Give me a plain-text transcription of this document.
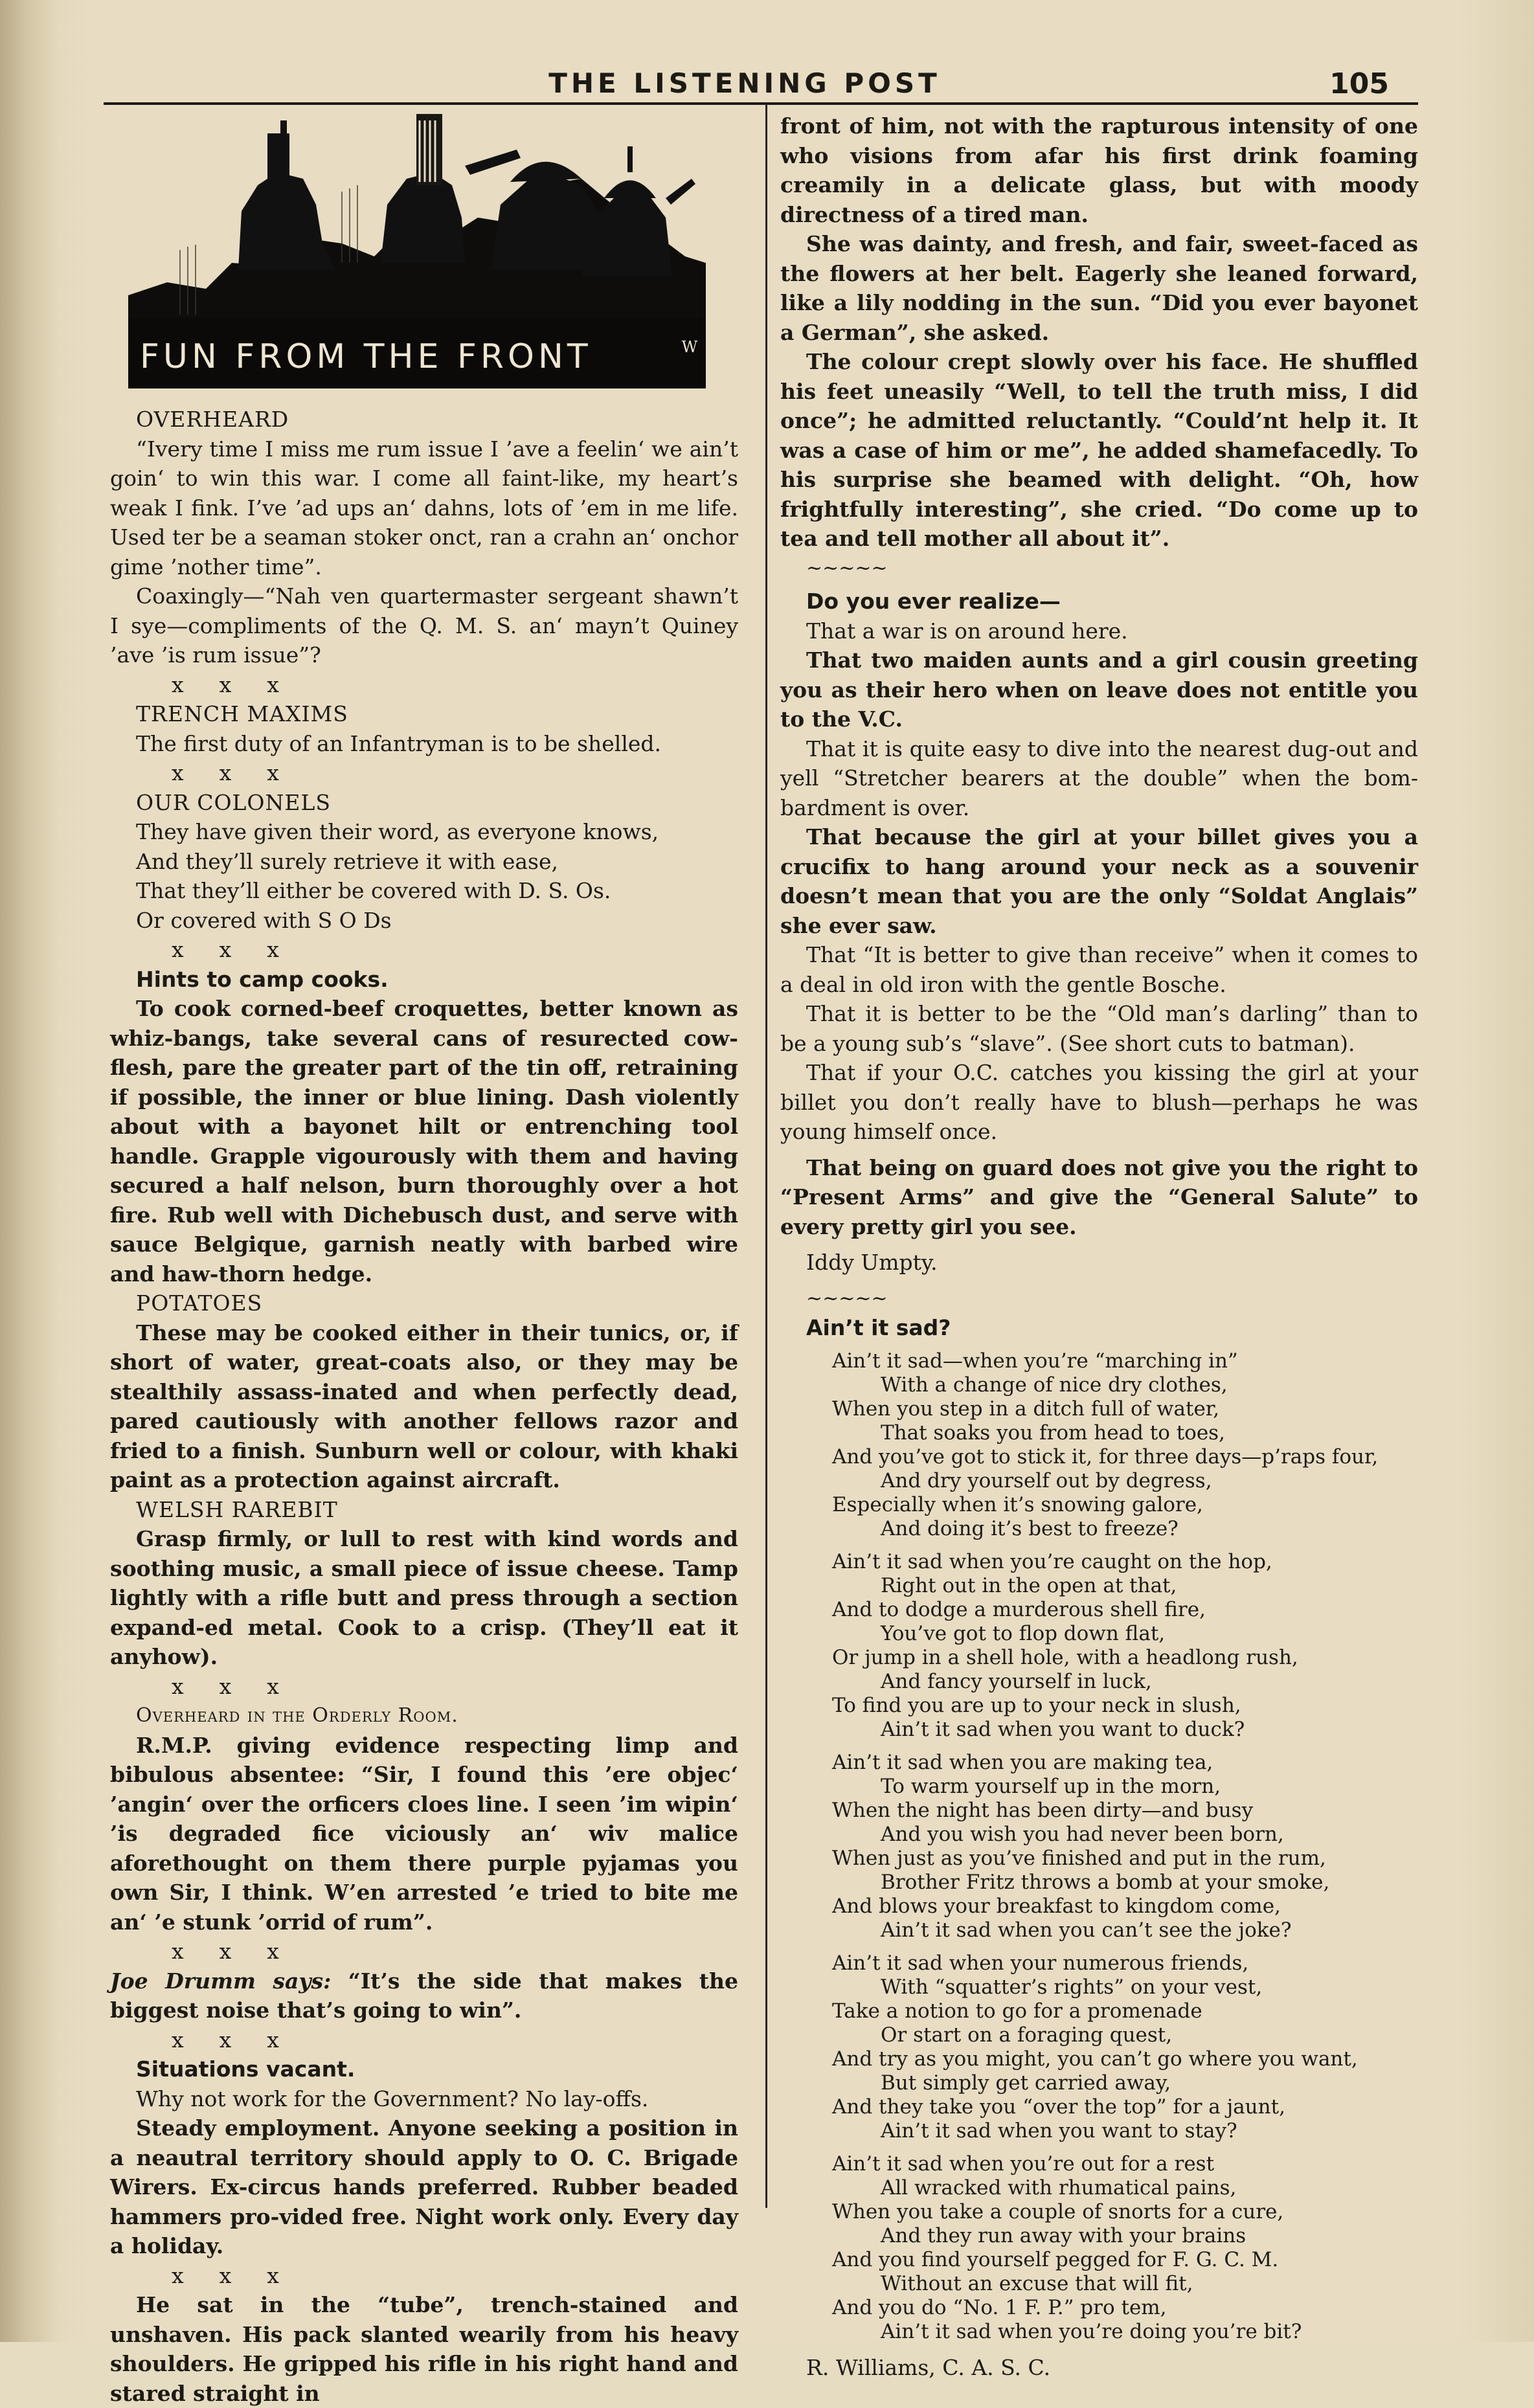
THE LISTENING POST	105
FUN FROM THE FRONT	W

OVERHEARD

“Ivery time I miss me rum issue I ’ave a feelin‘ we ain’t goin‘ to win this war. I come all faint-like, my heart’s weak I fink. I’ve ’ad ups an‘ dahns, lots of ’em in me life. Used ter be a seaman stoker onct, ran a crahn an‘ onchor gime ’nother time”.

Coaxingly—“Nah ven quartermaster sergeant shawn’t I sye—compliments of the Q. M. S. an‘ mayn’t Quiney ’ave ’is rum issue”?

xxx

TRENCH MAXIMS

The first duty of an Infantryman is to be shelled.

xxx

OUR COLONELS

They have given their word, as everyone knows,
And they’ll surely retrieve it with ease,
That they’ll either be covered with D. S. Os.
Or covered with S O Ds

xxx

Hints to camp cooks.

To cook corned-beef croquettes, better known as whiz-bangs, take several cans of resurected cow-flesh, pare the greater part of the tin off, retraining if possible, the inner or blue lining. Dash violently about with a bayonet hilt or entrenching tool handle. Grapple vigourously with them and having secured a half nelson, burn thoroughly over a hot fire. Rub well with Dichebusch dust, and serve with sauce Belgique, garnish neatly with barbed wire and haw-thorn hedge.

POTATOES

These may be cooked either in their tunics, or, if short of water, great-coats also, or they may be stealthily assass-inated and when perfectly dead, pared cautiously with another fellows razor and fried to a finish. Sunburn well or colour, with khaki paint as a protection against aircraft.

WELSH RAREBIT

Grasp firmly, or lull to rest with kind words and soothing music, a small piece of issue cheese. Tamp lightly with a rifle butt and press through a section expand-ed metal. Cook to a crisp. (They’ll eat it anyhow).

xxx

Overheard in the Orderly Room.

R.M.P. giving evidence respecting limp and bibulous absentee: “Sir, I found this ’ere objec‘ ’angin‘ over the orficers cloes line. I seen ’im wipin‘ ’is degraded fice viciously an‘ wiv malice aforethought on them there purple pyjamas you own Sir, I think. W’en arrested ’e tried to bite me an‘ ’e stunk ’orrid of rum”.

xxx

Joe Drumm says: “It’s the side that makes the biggest noise that’s going to win”.

xxx

Situations vacant.

Why not work for the Government? No lay-offs.

Steady employment. Anyone seeking a position in a neautral territory should apply to O. C. Brigade Wirers. Ex-circus hands preferred. Rubber beaded hammers pro-vided free. Night work only. Every day a holiday.

xxx

He sat in the “tube”, trench-stained and unshaven. His pack slanted wearily from his heavy shoulders. He gripped his rifle in his right hand and stared straight in

front of him, not with the rapturous intensity of one who visions from afar his first drink foaming creamily in a delicate glass, but with moody directness of a tired man.

She was dainty, and fresh, and fair, sweet-faced as the flowers at her belt. Eagerly she leaned forward, like a lily nodding in the sun. “Did you ever bayonet a German”, she asked.

The colour crept slowly over his face. He shuffled his feet uneasily “Well, to tell the truth miss, I did once”; he admitted reluctantly. “Could’nt help it. It was a case of him or me”, he added shamefacedly. To his surprise she beamed with delight. “Oh, how frightfully interesting”, she cried. “Do come up to tea and tell mother all about it”.

~~~~~

Do you ever realize—

That a war is on around here.

That two maiden aunts and a girl cousin greeting you as their hero when on leave does not entitle you to the V.C.

That it is quite easy to dive into the nearest dug-out and yell “Stretcher bearers at the double” when the bom-bardment is over.

That because the girl at your billet gives you a crucifix to hang around your neck as a souvenir doesn’t mean that you are the only “Soldat Anglais” she ever saw.

That “It is better to give than receive” when it comes to a deal in old iron with the gentle Bosche.

That it is better to be the “Old man’s darling” than to be a young sub’s “slave”. (See short cuts to batman).

That if your O.C. catches you kissing the girl at your billet you don’t really have to blush—perhaps he was young himself once.

That being on guard does not give you the right to “Present Arms” and give the “General Salute” to every pretty girl you see.

Iddy Umpty.

~~~~~

Ain’t it sad?

Ain’t it sad—when you’re “marching in”
With a change of nice dry clothes,
When you step in a ditch full of water,
That soaks you from head to toes,
And you’ve got to stick it, for three days—p’raps four,
And dry yourself out by degress,
Especially when it’s snowing galore,
And doing it’s best to freeze?
Ain’t it sad when you’re caught on the hop,
Right out in the open at that,
And to dodge a murderous shell fire,
You’ve got to flop down flat,
Or jump in a shell hole, with a headlong rush,
And fancy yourself in luck,
To find you are up to your neck in slush,
Ain’t it sad when you want to duck?
Ain’t it sad when you are making tea,
To warm yourself up in the morn,
When the night has been dirty—and busy
And you wish you had never been born,
When just as you’ve finished and put in the rum,
Brother Fritz throws a bomb at your smoke,
And blows your breakfast to kingdom come,
Ain’t it sad when you can’t see the joke?
Ain’t it sad when your numerous friends,
With “squatter’s rights” on your vest,
Take a notion to go for a promenade
Or start on a foraging quest,
And try as you might, you can’t go where you want,
But simply get carried away,
And they take you “over the top” for a jaunt,
Ain’t it sad when you want to stay?
Ain’t it sad when you’re out for a rest
All wracked with rhumatical pains,
When you take a couple of snorts for a cure,
And they run away with your brains
And you find yourself pegged for F. G. C. M.
Without an excuse that will fit,
And you do “No. 1 F. P.” pro tem,
Ain’t it sad when you’re doing you’re bit?

R. Williams, C. A. S. C.
